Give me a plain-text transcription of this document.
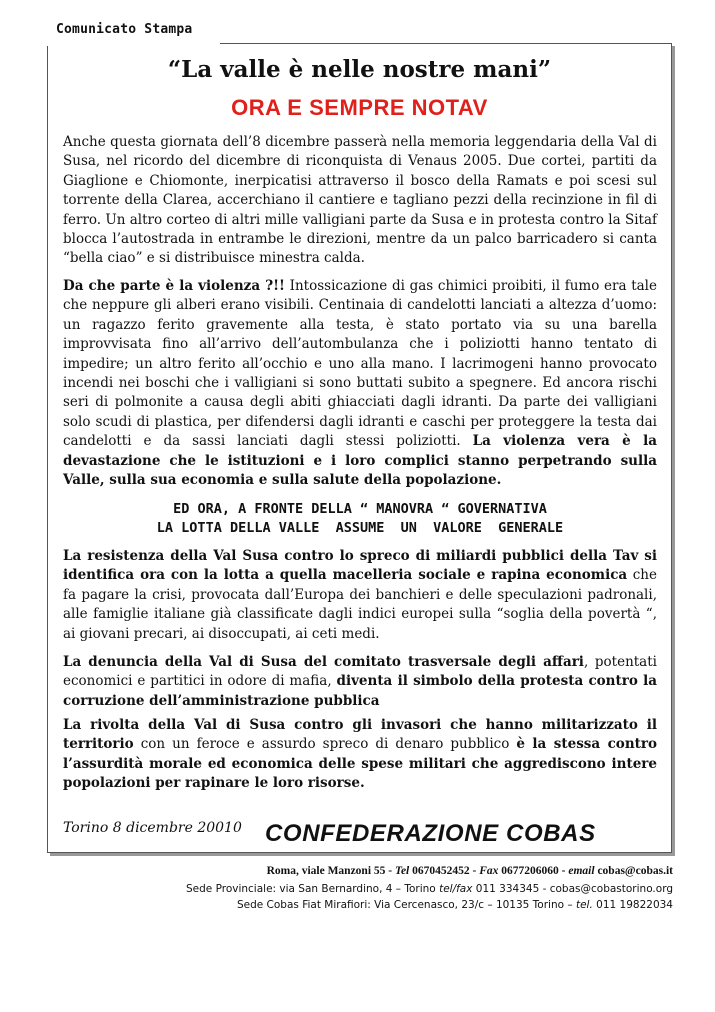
Comunicato Stampa
“La valle è nelle nostre mani”
ORA E SEMPRE NOTAV

Anche questa giornata dell’8 dicembre passerà nella memoria leggendaria della Val di Susa, nel ricordo del dicembre di riconquista di Venaus 2005. Due cortei, partiti da Giaglione e Chiomonte, inerpicatisi attraverso il bosco della Ramats e poi scesi sul torrente della Clarea, accerchiano il cantiere e tagliano pezzi della recinzione in fil di ferro. Un altro corteo di altri mille valligiani parte da Susa e in protesta contro la Sitaf blocca l’autostrada in entrambe le direzioni, mentre da un palco barricadero si canta “bella ciao” e si distribuisce minestra calda.

Da che parte è la violenza ?!! Intossicazione di gas chimici proibiti, il fumo era tale che neppure gli alberi erano visibili. Centinaia di candelotti lanciati a altezza d’uomo: un ragazzo ferito gravemente alla testa, è stato portato via su una barella improvvisata fino all’arrivo dell’autombulanza che i poliziotti hanno tentato di impedire; un altro ferito all’occhio e uno alla mano. I lacrimogeni hanno provocato incendi nei boschi che i valligiani si sono buttati subito a spegnere. Ed ancora rischi seri di polmonite a causa degli abiti ghiacciati dagli idranti. Da parte dei valligiani solo scudi di plastica, per difendersi dagli idranti e caschi per proteggere la testa dai candelotti e da sassi lanciati dagli stessi poliziotti. La violenza vera è la devastazione che le istituzioni e i loro complici stanno perpetrando sulla Valle, sulla sua economia e sulla salute della popolazione.

ED ORA, A FRONTE DELLA “ MANOVRA “ GOVERNATIVA
LA LOTTA DELLA VALLE  ASSUME  UN  VALORE  GENERALE

La resistenza della Val Susa contro lo spreco di miliardi pubblici della Tav si identifica ora con la lotta a quella macelleria sociale e rapina economica che fa pagare la crisi, provocata dall’Europa dei banchieri e delle speculazioni padronali, alle famiglie italiane già classificate dagli indici europei sulla “soglia della povertà “, ai giovani precari, ai disoccupati, ai ceti medi.

La denuncia della Val di Susa del comitato trasversale degli affari, potentati economici e partitici in odore di mafia, diventa il simbolo della protesta contro la corruzione dell’amministrazione pubblica

La rivolta della Val di Susa contro gli invasori che hanno militarizzato il territorio con un feroce e assurdo spreco di denaro pubblico è la stessa contro l’assurdità morale ed economica delle spese militari che aggrediscono intere popolazioni per rapinare le loro risorse.

Torino 8 dicembre 20010 CONFEDERAZIONE COBAS
Roma, viale Manzoni 55 - Tel 0670452452 - Fax 0677206060 - email cobas@cobas.it
Sede Provinciale: via San Bernardino, 4 – Torino tel/fax 011 334345 - cobas@cobastorino.org
Sede Cobas Fiat Mirafiori: Via Cercenasco, 23/c – 10135 Torino – tel. 011 19822034
